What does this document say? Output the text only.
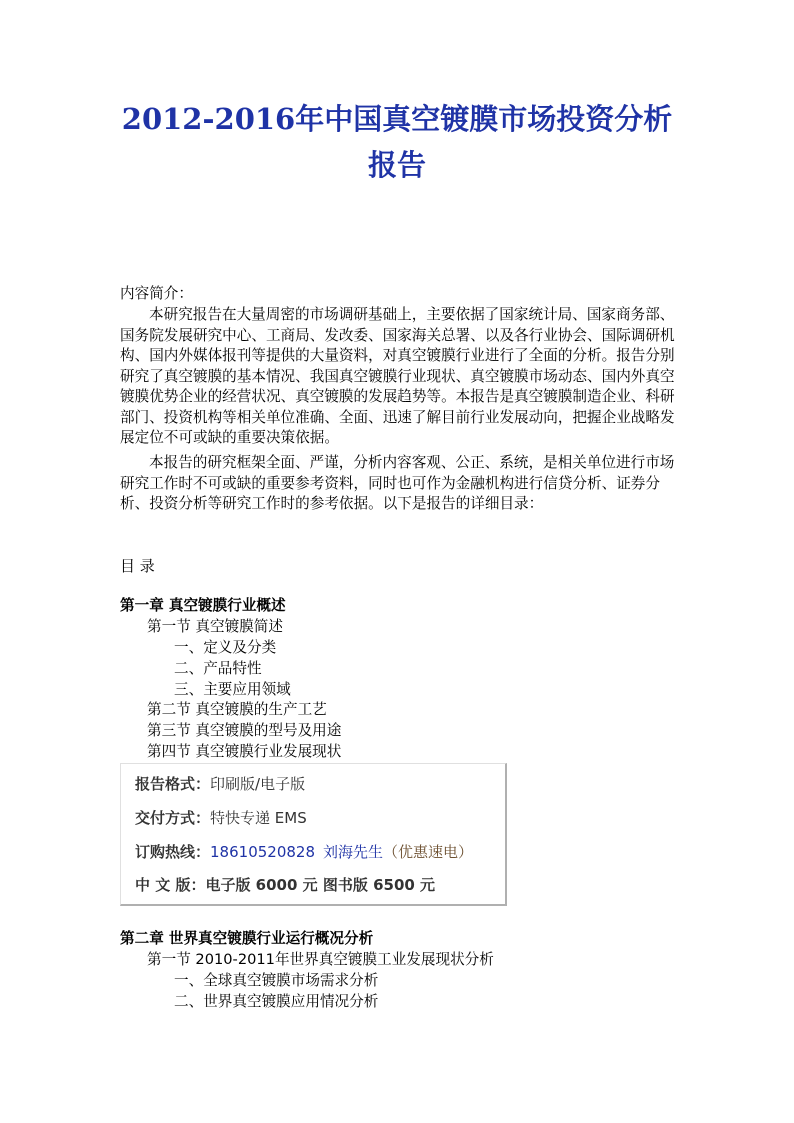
2012-2016年中国真空镀膜市场投资分析报告
内容简介：

本研究报告在大量周密的市场调研基础上，主要依据了国家统计局、国家商务部、国务院发展研究中心、工商局、发改委、国家海关总署、以及各行业协会、国际调研机构、国内外媒体报刊等提供的大量资料，对真空镀膜行业进行了全面的分析。报告分别研究了真空镀膜的基本情况、我国真空镀膜行业现状、真空镀膜市场动态、国内外真空镀膜优势企业的经营状况、真空镀膜的发展趋势等。本报告是真空镀膜制造企业、科研部门、投资机构等相关单位准确、全面、迅速了解目前行业发展动向，把握企业战略发展定位不可或缺的重要决策依据。

本报告的研究框架全面、严谨，分析内容客观、公正、系统，是相关单位进行市场研究工作时不可或缺的重要参考资料，同时也可作为金融机构进行信贷分析、证券分析、投资分析等研究工作时的参考依据。以下是报告的详细目录：

目 录
第一章 真空镀膜行业概述
第一节 真空镀膜简述
一、定义及分类
二、产品特性
三、主要应用领域
第二节 真空镀膜的生产工艺
第三节 真空镀膜的型号及用途
第四节 真空镀膜行业发展现状
报告格式：印刷版/电子版
交付方式：特快专递 EMS
订购热线：18610520828 刘海先生（优惠速电）
中 文 版：电子版 6000 元 图书版 6500 元
第二章 世界真空镀膜行业运行概况分析
第一节 2010-2011年世界真空镀膜工业发展现状分析
一、全球真空镀膜市场需求分析
二、世界真空镀膜应用情况分析
